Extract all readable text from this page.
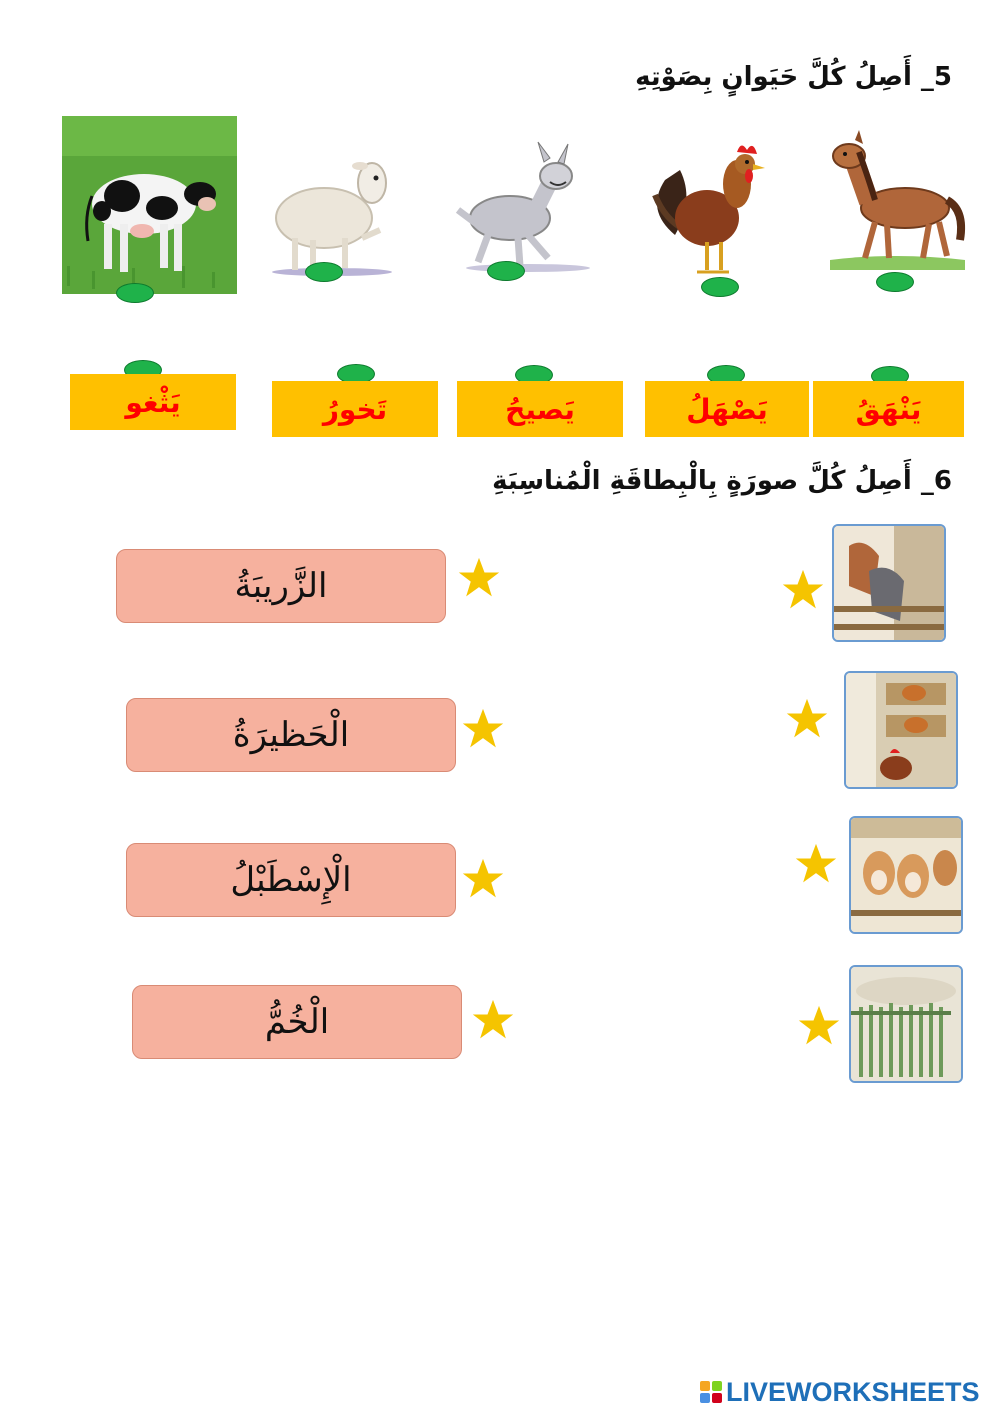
5_ أَصِلُ كُلَّ حَيَوانٍ بِصَوْتِهِ
يَثْغو	تَخورُ	يَصيحُ	يَصْهَلُ	يَنْهَقُ
6_ أَصِلُ كُلَّ صورَةٍ بِالْبِطاقَةِ الْمُناسِبَةِ
الزَّريبَةُ
الْحَظيرَةُ
الْإِسْطَبْلُ
الْخُمُّ
LIVEWORKSHEETS
